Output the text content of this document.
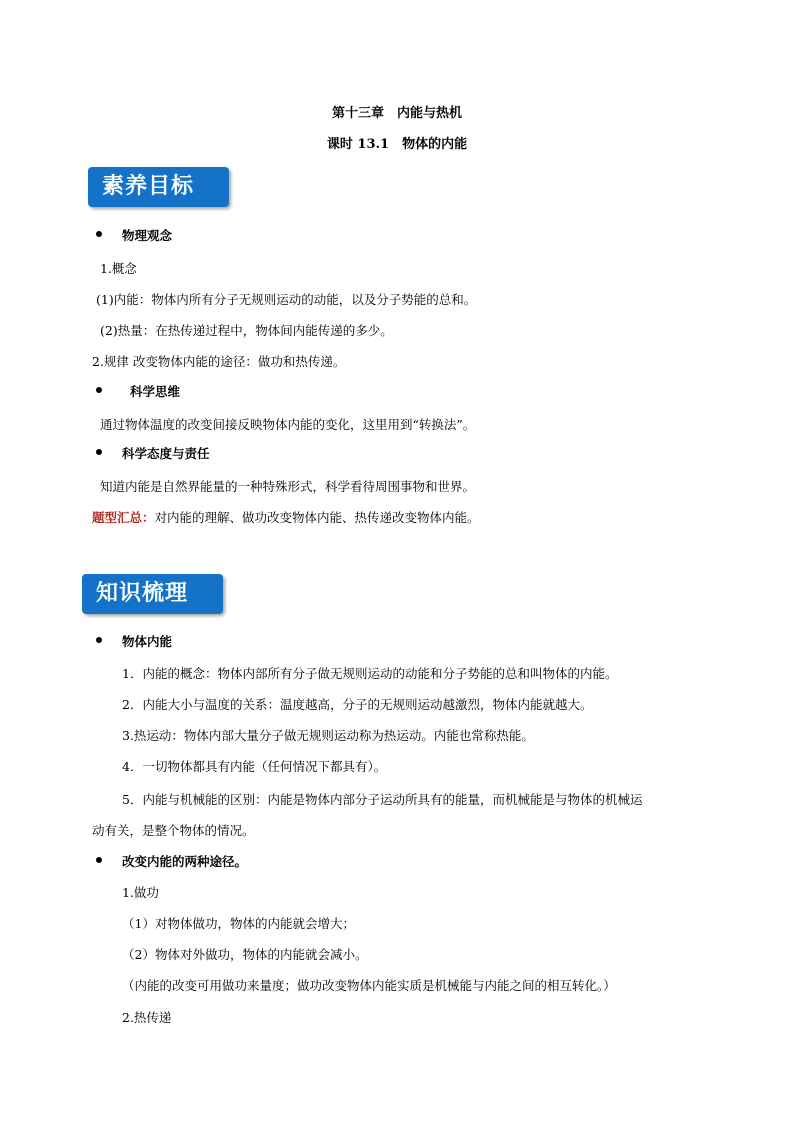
第十三章　内能与热机
课时 13.1　物体的内能
素养目标
物理观念
1.概念
(1)内能：物体内所有分子无规则运动的动能，以及分子势能的总和。
(2)热量：在热传递过程中，物体间内能传递的多少。
2.规律 改变物体内能的途径：做功和热传递。
科学思维
通过物体温度的改变间接反映物体内能的变化，这里用到“转换法”。
科学态度与责任
知道内能是自然界能量的一种特殊形式，科学看待周围事物和世界。
题型汇总：对内能的理解、做功改变物体内能、热传递改变物体内能。
知识梳理
物体内能
1．内能的概念：物体内部所有分子做无规则运动的动能和分子势能的总和叫物体的内能。
2．内能大小与温度的关系：温度越高，分子的无规则运动越激烈，物体内能就越大。
3.热运动：物体内部大量分子做无规则运动称为热运动。内能也常称热能。
4．一切物体都具有内能（任何情况下都具有）。
5．内能与机械能的区别：内能是物体内部分子运动所具有的能量，而机械能是与物体的机械运
动有关，是整个物体的情况。
改变内能的两种途径。
1.做功
（1）对物体做功，物体的内能就会增大；
（2）物体对外做功，物体的内能就会减小。
（内能的改变可用做功来量度；做功改变物体内能实质是机械能与内能之间的相互转化。）
2.热传递
